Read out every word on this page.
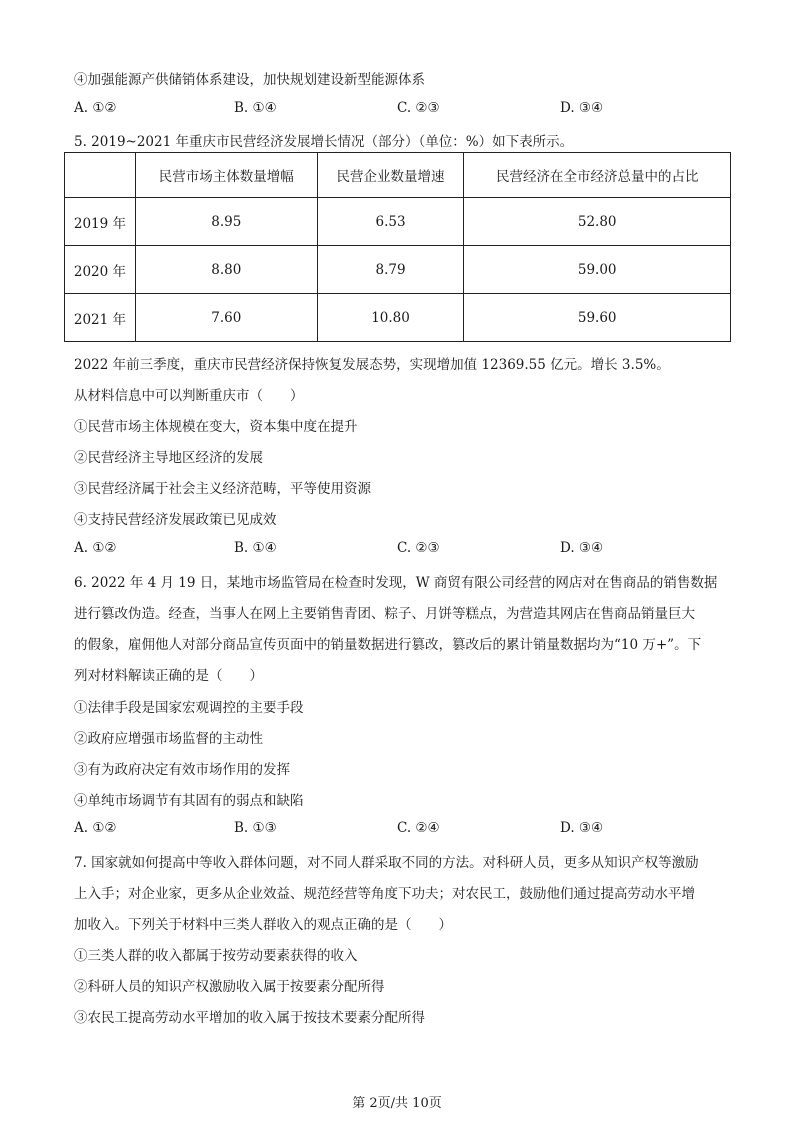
④加强能源产供储销体系建设，加快规划建设新型能源体系
A. ①②	B. ①④	C. ②③	D. ③④
5. 2019~2021 年重庆市民营经济发展增长情况（部分）（单位：%）如下表所示。
	民营市场主体数量增幅	民营企业数量增速	民营经济在全市经济总量中的占比
2019 年	8.95	6.53	52.80
2020 年	8.80	8.79	59.00
2021 年	7.60	10.80	59.60
2022 年前三季度，重庆市民营经济保持恢复发展态势，实现增加值 12369.55 亿元。增长 3.5%。
从材料信息中可以判断重庆市（　　）
①民营市场主体规模在变大，资本集中度在提升
②民营经济主导地区经济的发展
③民营经济属于社会主义经济范畴，平等使用资源
④支持民营经济发展政策已见成效
A. ①②	B. ①④	C. ②③	D. ③④
6. 2022 年 4 月 19 日，某地市场监管局在检查时发现，W 商贸有限公司经营的网店对在售商品的销售数据
进行篡改伪造。经查，当事人在网上主要销售青团、粽子、月饼等糕点，为营造其网店在售商品销量巨大
的假象，雇佣他人对部分商品宣传页面中的销量数据进行篡改，篡改后的累计销量数据均为“10 万+”。下
列对材料解读正确的是（　　）
①法律手段是国家宏观调控的主要手段
②政府应增强市场监督的主动性
③有为政府决定有效市场作用的发挥
④单纯市场调节有其固有的弱点和缺陷
A. ①②	B. ①③	C. ②④	D. ③④
7. 国家就如何提高中等收入群体问题，对不同人群采取不同的方法。对科研人员，更多从知识产权等激励
上入手；对企业家，更多从企业效益、规范经营等角度下功夫；对农民工，鼓励他们通过提高劳动水平增
加收入。下列关于材料中三类人群收入的观点正确的是（　　）
①三类人群的收入都属于按劳动要素获得的收入
②科研人员的知识产权激励收入属于按要素分配所得
③农民工提高劳动水平增加的收入属于按技术要素分配所得
第 2页/共 10页
